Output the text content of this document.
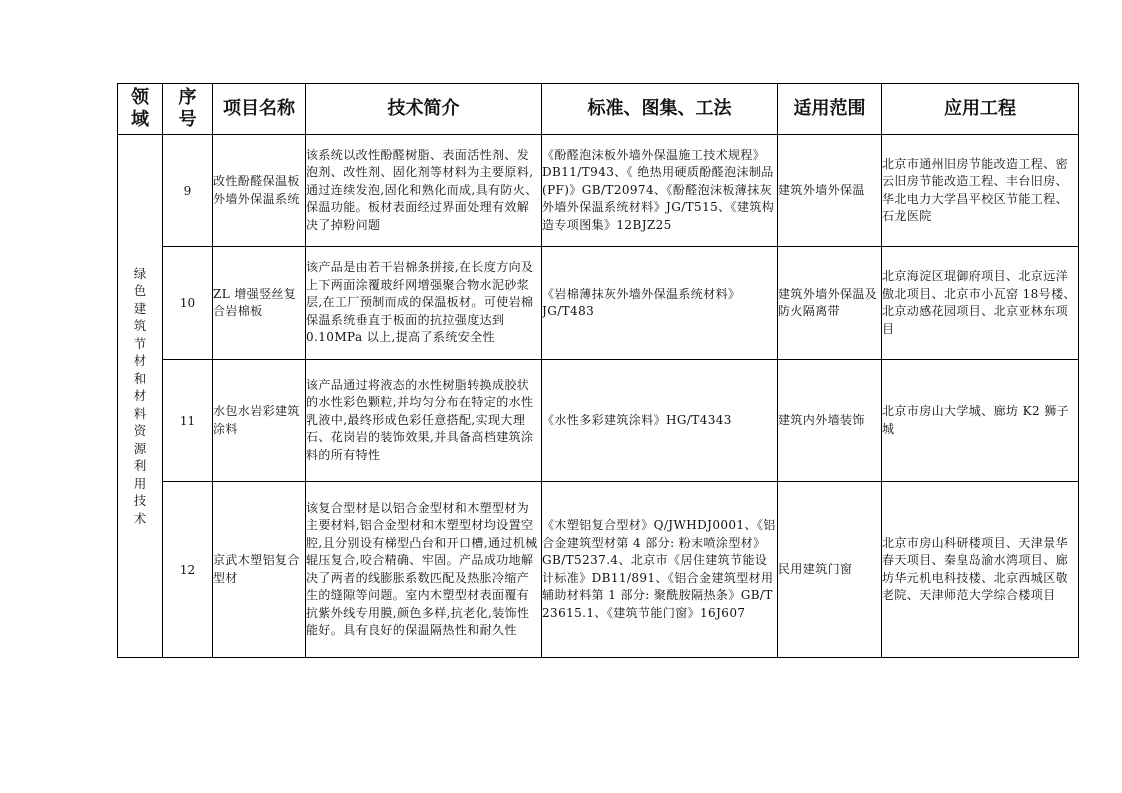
领域	序号	项目名称	技术简介	标准、图集、工法	适用范围	应用工程
绿色建筑节材和材料资源利用技术	9	改性酚醛保温板外墙外保温系统	该系统以改性酚醛树脂、表面活性剂、发泡剂、改性剂、固化剂等材料为主要原料,通过连续发泡,固化和熟化而成,具有防火、保温功能。板材表面经过界面处理有效解决了掉粉问题	《酚醛泡沫板外墙外保温施工技术规程》DB11/T943、《 绝热用硬质酚醛泡沫制品(PF)》GB/T20974、《酚醛泡沫板薄抹灰外墙外保温系统材料》JG/T515、《建筑构造专项图集》12BJZ25	建筑外墙外保温	北京市通州旧房节能改造工程、密云旧房节能改造工程、丰台旧房、华北电力大学昌平校区节能工程、石龙医院
	10	ZL 增强竖丝复合岩棉板	该产品是由若干岩棉条拼接,在长度方向及上下两面涂覆玻纤网增强聚合物水泥砂浆层,在工厂预制而成的保温板材。可使岩棉保温系统垂直于板面的抗拉强度达到 0.10MPa 以上,提高了系统安全性	《岩棉薄抹灰外墙外保温系统材料》JG/T483	建筑外墙外保温及防火隔离带	北京海淀区琨御府项目、北京远洋傲北项目、北京市小瓦窑 18号楼、北京动感花园项目、北京亚林东项目
	11	水包水岩彩建筑涂料	该产品通过将液态的水性树脂转换成胶状的水性彩色颗粒,并均匀分布在特定的水性乳液中,最终形成色彩任意搭配,实现大理石、花岗岩的装饰效果,并具备高档建筑涂料的所有特性	《水性多彩建筑涂料》HG/T4343	建筑内外墙装饰	北京市房山大学城、廊坊 K2 狮子城
	12	京武木塑铝复合型材	该复合型材是以铝合金型材和木塑型材为主要材料,铝合金型材和木塑型材均设置空腔,且分别设有梯型凸台和开口槽,通过机械辊压复合,咬合精确、牢固。产品成功地解决了两者的线膨胀系数匹配及热胀冷缩产生的缝隙等问题。室内木塑型材表面覆有抗紫外线专用膜,颜色多样,抗老化,装饰性能好。具有良好的保温隔热性和耐久性	《木塑铝复合型材》Q/JWHDJ0001、《铝合金建筑型材第 4 部分: 粉末喷涂型材》GB/T5237.4、北京市《居住建筑节能设计标准》DB11/891、《铝合金建筑型材用辅助材料第 1 部分: 聚酰胺隔热条》GB/T 23615.1、《建筑节能门窗》16J607	民用建筑门窗	北京市房山科研楼项目、天津景华春天项目、秦皇岛渝水湾项目、廊坊华元机电科技楼、北京西城区敬老院、天津师范大学综合楼项目
